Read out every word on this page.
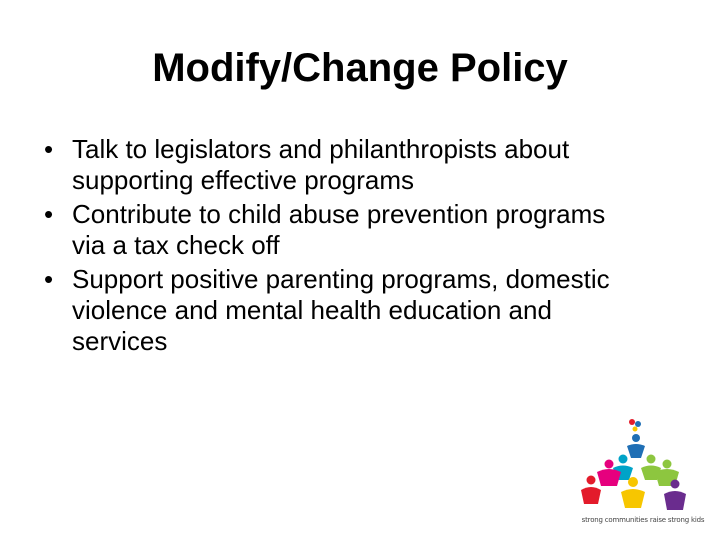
Modify/Change Policy
• Talk to legislators and philanthropists about supporting effective programs
• Contribute to child abuse prevention programs via a tax check off
• Support positive parenting programs, domestic violence and mental health education and services
strong communities raise strong kids
